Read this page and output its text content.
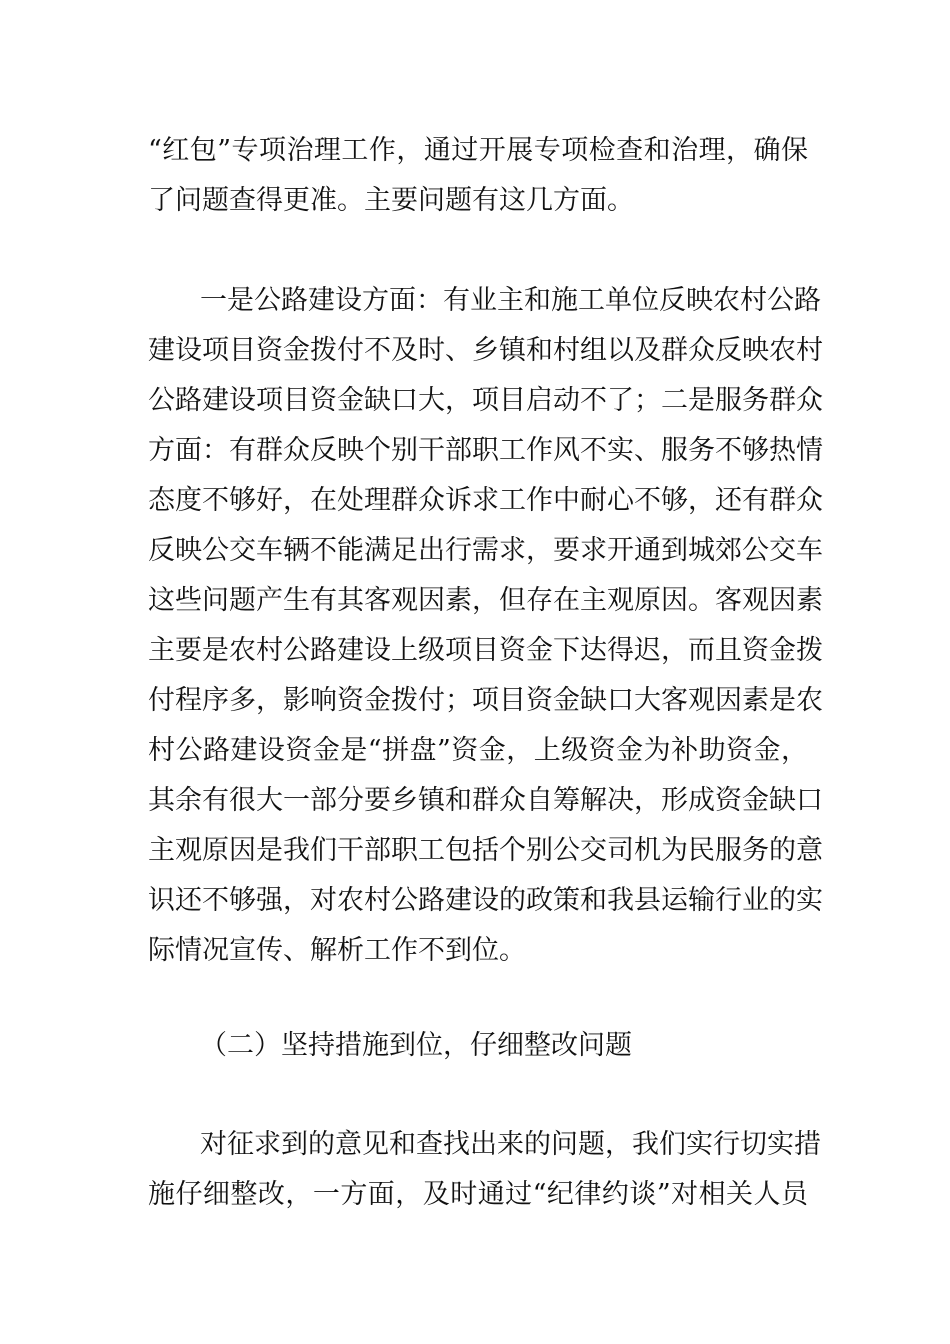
“红包”专项治理工作，通过开展专项检查和治理，确保
了问题查得更准。主要问题有这几方面。
一是公路建设方面：有业主和施工单位反映农村公路
建设项目资金拨付不及时、乡镇和村组以及群众反映农村
公路建设项目资金缺口大，项目启动不了；二是服务群众
方面：有群众反映个别干部职工作风不实、服务不够热情
态度不够好，在处理群众诉求工作中耐心不够，还有群众
反映公交车辆不能满足出行需求，要求开通到城郊公交车
这些问题产生有其客观因素，但存在主观原因。客观因素
主要是农村公路建设上级项目资金下达得迟，而且资金拨
付程序多，影响资金拨付；项目资金缺口大客观因素是农
村公路建设资金是“拼盘”资金，上级资金为补助资金，
其余有很大一部分要乡镇和群众自筹解决，形成资金缺口
主观原因是我们干部职工包括个别公交司机为民服务的意
识还不够强，对农村公路建设的政策和我县运输行业的实
际情况宣传、解析工作不到位。
（二）坚持措施到位，仔细整改问题
对征求到的意见和查找出来的问题，我们实行切实措
施仔细整改，一方面，及时通过“纪律约谈”对相关人员
